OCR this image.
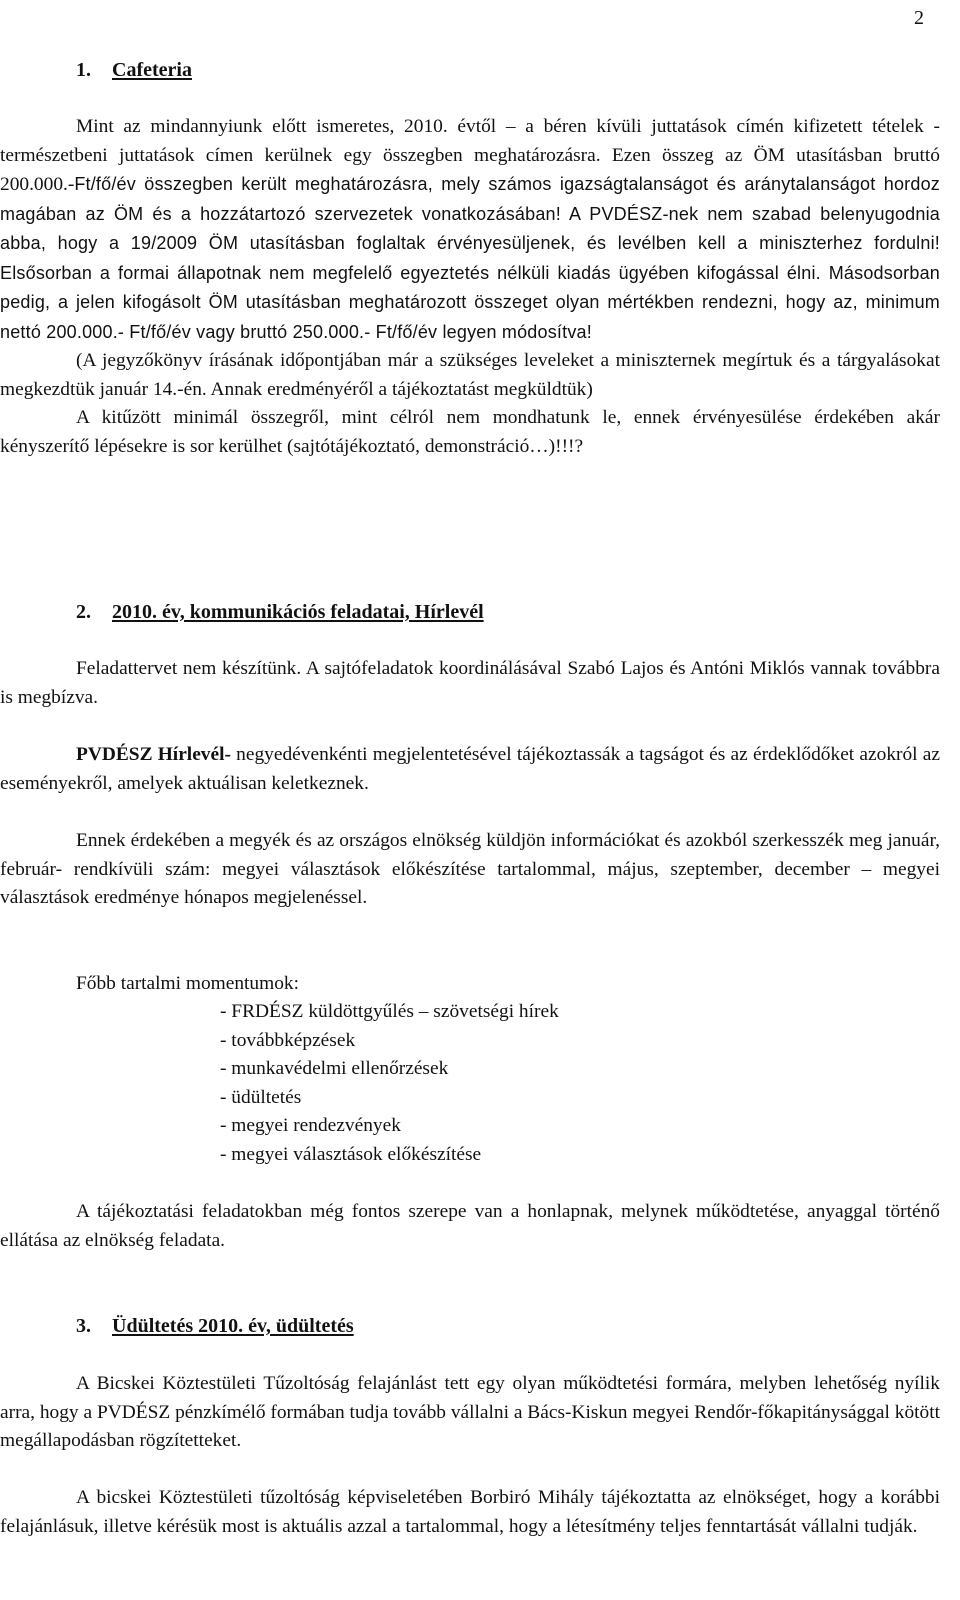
2
1. Cafeteria

Mint az mindannyiunk előtt ismeretes, 2010. évtől – a béren kívüli juttatások címén kifizetett tételek - természetbeni juttatások címen kerülnek egy összegben meghatározásra. Ezen összeg az ÖM utasításban bruttó 200.000.-Ft/fő/év összegben került meghatározásra, mely számos igazságtalanságot és aránytalanságot hordoz magában az ÖM és a hozzátartozó szervezetek vonatkozásában! A PVDÉSZ-nek nem szabad belenyugodnia abba, hogy a 19/2009 ÖM utasításban foglaltak érvényesüljenek, és levélben kell a miniszterhez fordulni! Elsősorban a formai állapotnak nem megfelelő egyeztetés nélküli kiadás ügyében kifogással élni. Másodsorban pedig, a jelen kifogásolt ÖM utasításban meghatározott összeget olyan mértékben rendezni, hogy az, minimum nettó 200.000.- Ft/fő/év vagy bruttó 250.000.- Ft/fő/év legyen módosítva!

(A jegyzőkönyv írásának időpontjában már a szükséges leveleket a miniszternek megírtuk és a tárgyalásokat megkezdtük január 14.-én. Annak eredményéről a tájékoztatást megküldtük)

A kitűzött minimál összegről, mint célról nem mondhatunk le, ennek érvényesülése érdekében akár kényszerítő lépésekre is sor kerülhet (sajtótájékoztató, demonstráció…)!!!?

2. 2010. év, kommunikációs feladatai, Hírlevél

Feladattervet nem készítünk. A sajtófeladatok koordinálásával Szabó Lajos és Antóni Miklós vannak továbbra is megbízva.

PVDÉSZ Hírlevél- negyedévenkénti megjelentetésével tájékoztassák a tagságot és az érdeklődőket azokról az eseményekről, amelyek aktuálisan keletkeznek.

Ennek érdekében a megyék és az országos elnökség küldjön információkat és azokból szerkesszék meg január, február- rendkívüli szám: megyei választások előkészítése tartalommal, május, szeptember, december – megyei választások eredménye hónapos megjelenéssel.

Főbb tartalmi momentumok:

- FRDÉSZ küldöttgyűlés – szövetségi hírek
- továbbképzések
- munkavédelmi ellenőrzések
- üdültetés
- megyei rendezvények
- megyei választások előkészítése

A tájékoztatási feladatokban még fontos szerepe van a honlapnak, melynek működtetése, anyaggal történő ellátása az elnökség feladata.

3. Üdültetés 2010. év, üdültetés

A Bicskei Köztestületi Tűzoltóság felajánlást tett egy olyan működtetési formára, melyben lehetőség nyílik arra, hogy a PVDÉSZ pénzkímélő formában tudja tovább vállalni a Bács-Kiskun megyei Rendőr-főkapitánysággal kötött megállapodásban rögzítetteket.

A bicskei Köztestületi tűzoltóság képviseletében Borbiró Mihály tájékoztatta az elnökséget, hogy a korábbi felajánlásuk, illetve kérésük most is aktuális azzal a tartalommal, hogy a létesítmény teljes fenntartását vállalni tudják.
